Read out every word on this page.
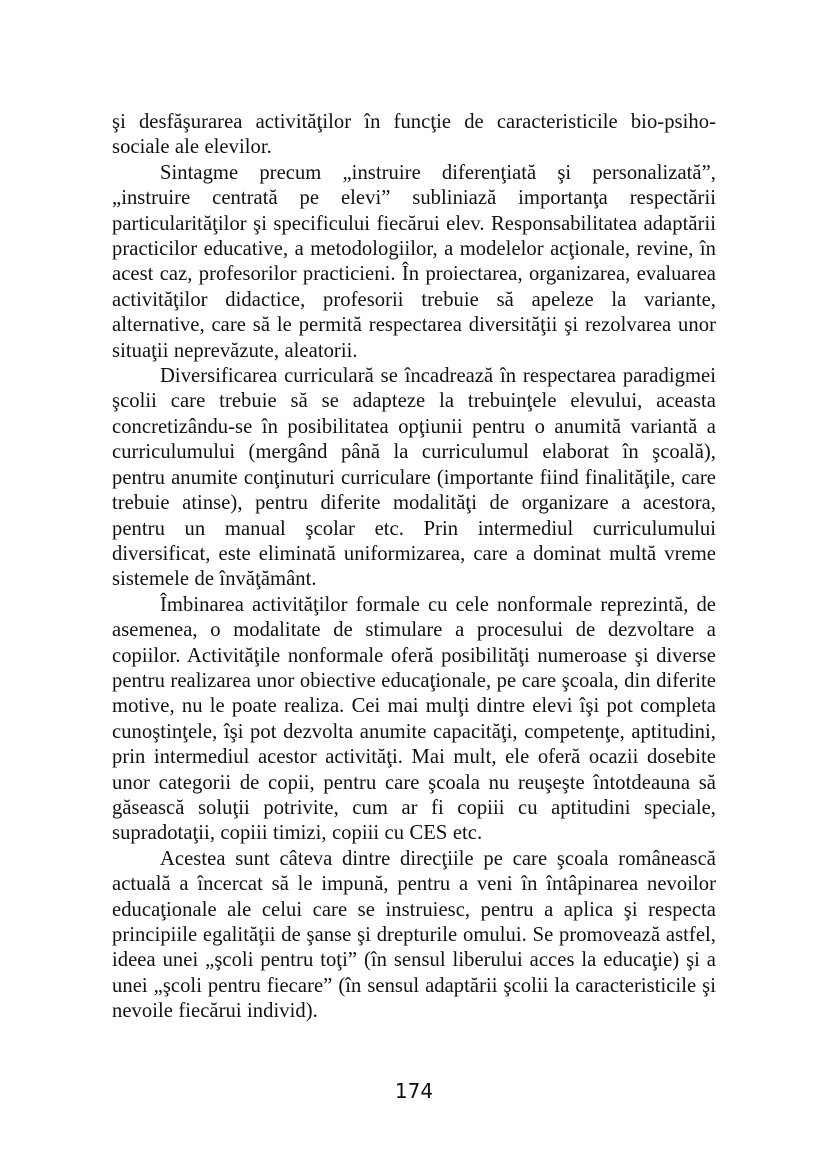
şi desfăşurarea activităţilor în funcţie de caracteristicile bio-psiho-sociale ale elevilor.

Sintagme precum „instruire diferenţiată şi personalizată”, „instruire centrată pe elevi” subliniază importanţa respectării particularităţilor şi specificului fiecărui elev. Responsabilitatea adaptării practicilor educative, a metodologiilor, a modelelor acţionale, revine, în acest caz, profesorilor practicieni. În proiectarea, organizarea, evaluarea activităţilor didactice, profesorii trebuie să apeleze la variante, alternative, care să le permită respectarea diversităţii şi rezolvarea unor situaţii neprevăzute, aleatorii.

Diversificarea curriculară se încadrează în respectarea paradigmei şcolii care trebuie să se adapteze la trebuinţele elevului, aceasta concretizându-se în posibilitatea opţiunii pentru o anumită variantă a curriculumului (mergând până la curriculumul elaborat în şcoală), pentru anumite conţinuturi curriculare (importante fiind finalităţile, care trebuie atinse), pentru diferite modalităţi de organizare a acestora, pentru un manual şcolar etc. Prin intermediul curriculumului diversificat, este eliminată uniformizarea, care a dominat multă vreme sistemele de învăţământ.

Îmbinarea activităţilor formale cu cele nonformale reprezintă, de asemenea, o modalitate de stimulare a procesului de dezvoltare a copiilor. Activităţile nonformale oferă posibilităţi numeroase şi diverse pentru realizarea unor obiective educaţionale, pe care şcoala, din diferite motive, nu le poate realiza. Cei mai mulţi dintre elevi îşi pot completa cunoştinţele, îşi pot dezvolta anumite capacităţi, competenţe, aptitudini, prin intermediul acestor activităţi. Mai mult, ele oferă ocazii dosebite unor categorii de copii, pentru care şcoala nu reuşeşte întotdeauna să găsească soluţii potrivite, cum ar fi copiii cu aptitudini speciale, supradotaţii, copiii timizi, copiii cu CES etc.

Acestea sunt câteva dintre direcţiile pe care şcoala românească actuală a încercat să le impună, pentru a veni în întâpinarea nevoilor educaţionale ale celui care se instruiesc, pentru a aplica şi respecta principiile egalităţii de şanse şi drepturile omului. Se promovează astfel, ideea unei „şcoli pentru toţi” (în sensul liberului acces la educaţie) şi a unei „şcoli pentru fiecare” (în sensul adaptării şcolii la caracteristicile şi nevoile fiecărui individ).

174
